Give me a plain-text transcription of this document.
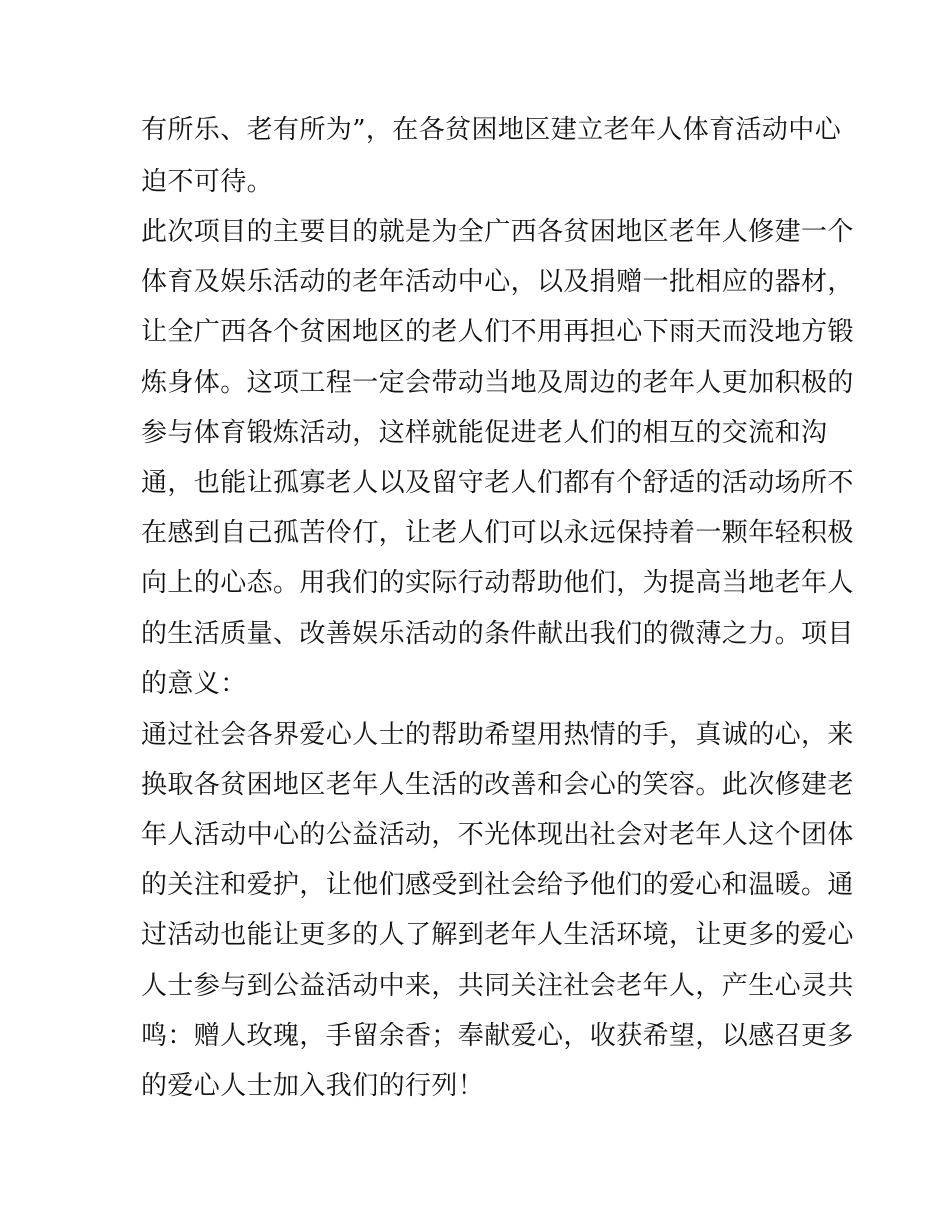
有所乐、老有所为”，在各贫困地区建立老年人体育活动中心
迫不可待。
此次项目的主要目的就是为全广西各贫困地区老年人修建一个
体育及娱乐活动的老年活动中心，以及捐赠一批相应的器材，
让全广西各个贫困地区的老人们不用再担心下雨天而没地方锻
炼身体。这项工程一定会带动当地及周边的老年人更加积极的
参与体育锻炼活动，这样就能促进老人们的相互的交流和沟
通，也能让孤寡老人以及留守老人们都有个舒适的活动场所不
在感到自己孤苦伶仃，让老人们可以永远保持着一颗年轻积极
向上的心态。用我们的实际行动帮助他们，为提高当地老年人
的生活质量、改善娱乐活动的条件献出我们的微薄之力。项目
的意义：
通过社会各界爱心人士的帮助希望用热情的手，真诚的心，来
换取各贫困地区老年人生活的改善和会心的笑容。此次修建老
年人活动中心的公益活动，不光体现出社会对老年人这个团体
的关注和爱护，让他们感受到社会给予他们的爱心和温暖。通
过活动也能让更多的人了解到老年人生活环境，让更多的爱心
人士参与到公益活动中来，共同关注社会老年人，产生心灵共
鸣：赠人玫瑰，手留余香；奉献爱心，收获希望，以感召更多
的爱心人士加入我们的行列！
